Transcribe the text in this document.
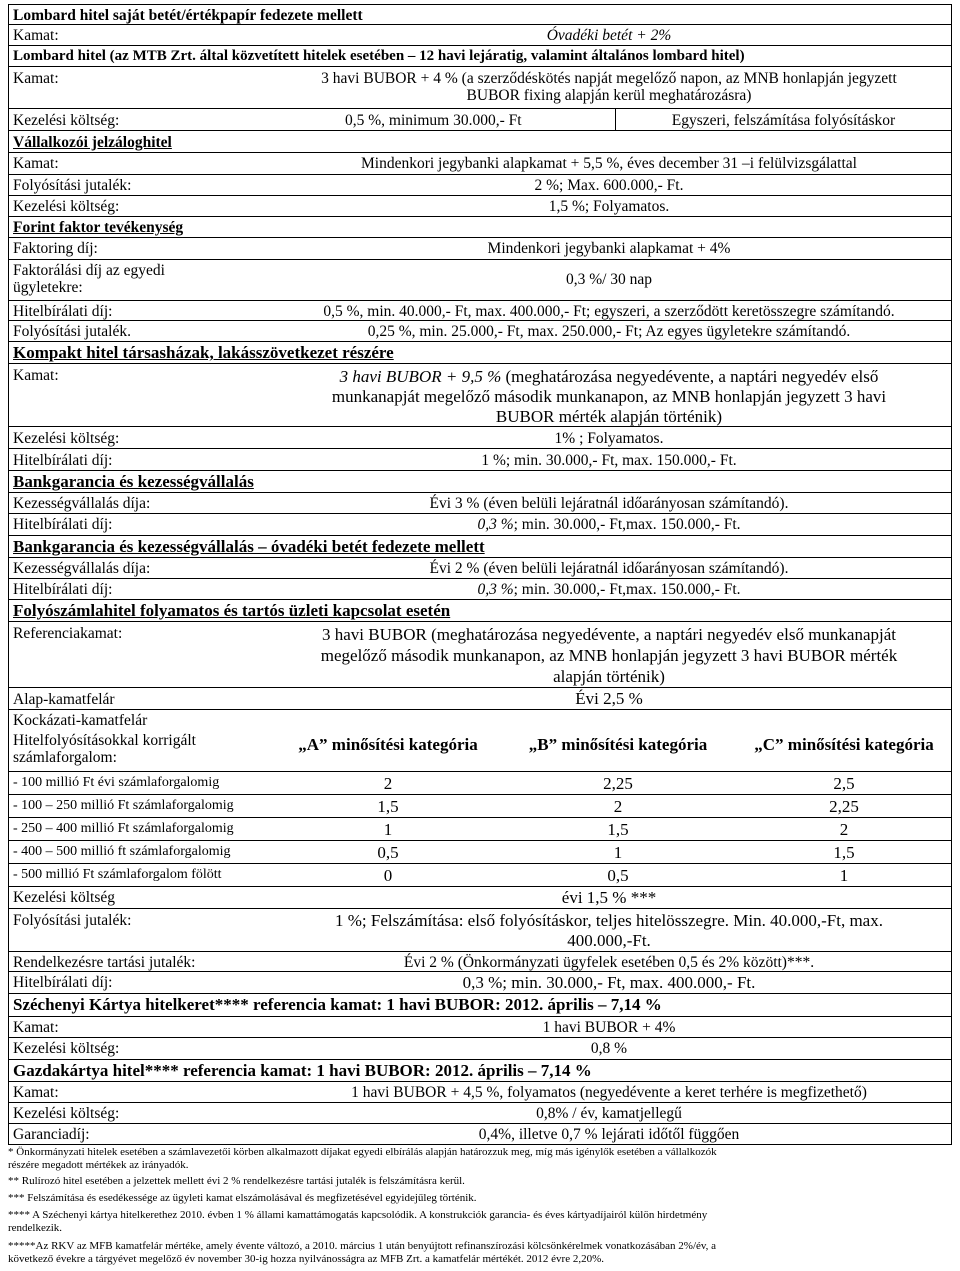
Lombard hitel saját betét/értékpapír fedezete mellett
Kamat:	Óvadéki betét + 2%
Lombard hitel (az MTB Zrt. által közvetített hitelek esetében – 12 havi lejáratig, valamint általános lombard hitel)
Kamat:	3 havi BUBOR + 4 % (a szerződéskötés napját megelőző napon, az MNB honlapján jegyzett
BUBOR fixing alapján kerül meghatározásra)
Kezelési költség:	0,5 %, minimum 30.000,- Ft	Egyszeri, felszámítása folyósításkor
Vállalkozói jelzáloghitel
Kamat:	Mindenkori jegybanki alapkamat + 5,5 %, éves december 31 –i felülvizsgálattal
Folyósítási jutalék:	2 %; Max. 600.000,- Ft.
Kezelési költség:	1,5 %; Folyamatos.
Forint faktor tevékenység
Faktoring díj:	Mindenkori jegybanki alapkamat + 4%
Faktorálási díj az egyedi
ügyletekre:	0,3 %/ 30 nap
Hitelbírálati díj:	0,5 %, min. 40.000,- Ft, max. 400.000,- Ft; egyszeri, a szerződött keretösszegre számítandó.
Folyósítási jutalék.	0,25 %, min. 25.000,- Ft, max. 250.000,- Ft; Az egyes ügyletekre számítandó.
Kompakt hitel társasházak, lakásszövetkezet részére
Kamat:	3 havi BUBOR + 9,5 % (meghatározása negyedévente, a naptári negyedév első
munkanapját megelőző második munkanapon, az MNB honlapján jegyzett 3 havi
BUBOR mérték alapján történik)
Kezelési költség:	1% ; Folyamatos.
Hitelbírálati díj:	1 %; min. 30.000,- Ft, max. 150.000,- Ft.
Bankgarancia és kezességvállalás
Kezességvállalás díja:	Évi 3 % (éven belüli lejáratnál időarányosan számítandó).
Hitelbírálati díj:	0,3 %; min. 30.000,- Ft,max. 150.000,- Ft.
Bankgarancia és kezességvállalás – óvadéki betét fedezete mellett
Kezességvállalás díja:	Évi 2 % (éven belüli lejáratnál időarányosan számítandó).
Hitelbírálati díj:	0,3 %; min. 30.000,- Ft,max. 150.000,- Ft.
Folyószámlahitel folyamatos és tartós üzleti kapcsolat esetén
Referenciakamat:	3 havi BUBOR (meghatározása negyedévente, a naptári negyedév első munkanapját
megelőző második munkanapon, az MNB honlapján jegyzett 3 havi BUBOR mérték
alapján történik)
Alap-kamatfelár	Évi 2,5 %
Kockázati-kamatfelár
Hitelfolyósításokkal korrigált
számlaforgalom:
„A” minősítési kategória	„B” minősítési kategória	„C” minősítési kategória
- 100 millió Ft évi számlaforgalomig	2	2,25	2,5
- 100 – 250 millió Ft számlaforgalomig	1,5	2	2,25
- 250 – 400 millió Ft számlaforgalomig	1	1,5	2
- 400 – 500 millió ft számlaforgalomig	0,5	1	1,5
- 500 millió Ft számlaforgalom fölött	0	0,5	1
Kezelési költség	évi 1,5 % ***
Folyósítási jutalék:	1 %; Felszámítása: első folyósításkor, teljes hitelösszegre. Min. 40.000,-Ft, max.
400.000,-Ft.
Rendelkezésre tartási jutalék:	Évi 2 % (Önkormányzati ügyfelek esetében 0,5 és 2% között)***.
Hitelbírálati díj:	0,3 %; min. 30.000,- Ft, max. 400.000,- Ft.
Széchenyi Kártya hitelkeret**** referencia kamat: 1 havi BUBOR: 2012. április – 7,14 %
Kamat:	1 havi BUBOR + 4%
Kezelési költség:	0,8 %
Gazdakártya hitel**** referencia kamat: 1 havi BUBOR: 2012. április – 7,14 %
Kamat:	1 havi BUBOR + 4,5 %, folyamatos (negyedévente a keret terhére is megfizethető)
Kezelési költség:	0,8% / év, kamatjellegű
Garanciadíj:	0,4%, illetve 0,7 % lejárati időtől függően
* Önkormányzati hitelek esetében a számlavezetői körben alkalmazott díjakat egyedi elbírálás alapján határozzuk meg, míg más igénylők esetében a vállalkozók
részére megadott mértékek az irányadók.
** Rulírozó hitel esetében a jelzettek mellett évi 2 % rendelkezésre tartási jutalék is felszámításra kerül.
*** Felszámítása és esedékessége az ügyleti kamat elszámolásával és megfizetésével egyidejűleg történik.
**** A Széchenyi kártya hitelkerethez 2010. évben 1 % állami kamattámogatás kapcsolódik. A konstrukciók garancia- és éves kártyadíjairól külön hirdetmény
rendelkezik.
*****Az RKV az MFB kamatfelár mértéke, amely évente változó, a 2010. március 1 után benyújtott refinanszírozási kölcsönkérelmek vonatkozásában 2%/év, a
következő évekre a tárgyévet megelőző év november 30-ig hozza nyilvánosságra az MFB Zrt. a kamatfelár mértékét. 2012 évre 2,20%.
